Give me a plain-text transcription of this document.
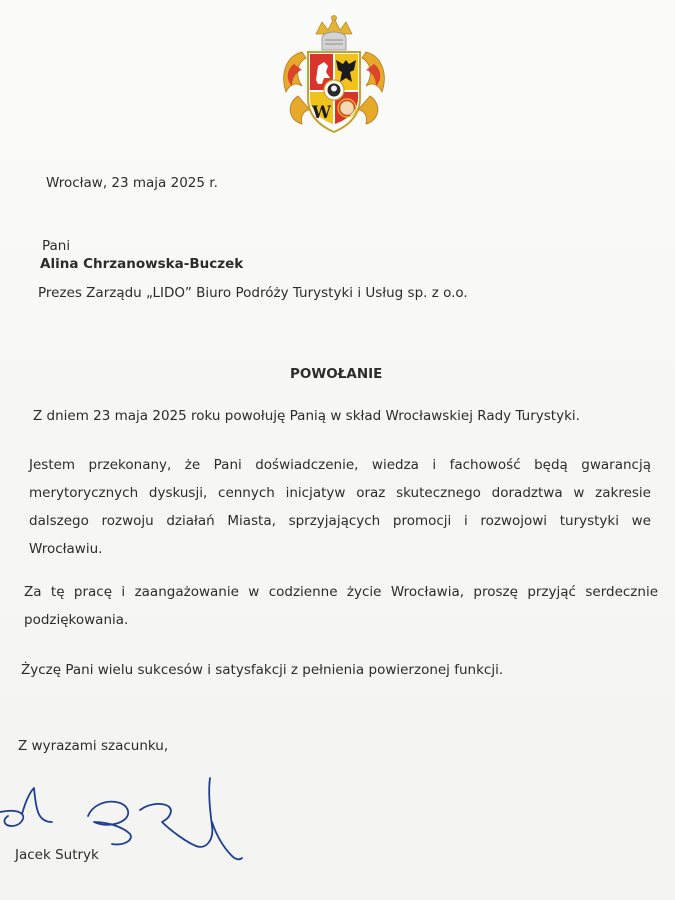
W
Wrocław, 23 maja 2025 r.
Pani
Alina Chrzanowska-Buczek
Prezes Zarządu „LIDO” Biuro Podróży Turystyki i Usług sp. z o.o.
POWOŁANIE
Z dniem 23 maja 2025 roku powołuję Panią w skład Wrocławskiej Rady Turystyki.
Jestem przekonany, że Pani doświadczenie, wiedza i fachowość będą gwarancją
merytorycznych dyskusji, cennych inicjatyw oraz skutecznego doradztwa w zakresie
dalszego rozwoju działań Miasta, sprzyjających promocji i rozwojowi turystyki we
Wrocławiu.
Za tę pracę i zaangażowanie w codzienne życie Wrocławia, proszę przyjąć serdecznie
podziękowania.
Życzę Pani wielu sukcesów i satysfakcji z pełnienia powierzonej funkcji.
Z wyrazami szacunku,
Jacek Sutryk
